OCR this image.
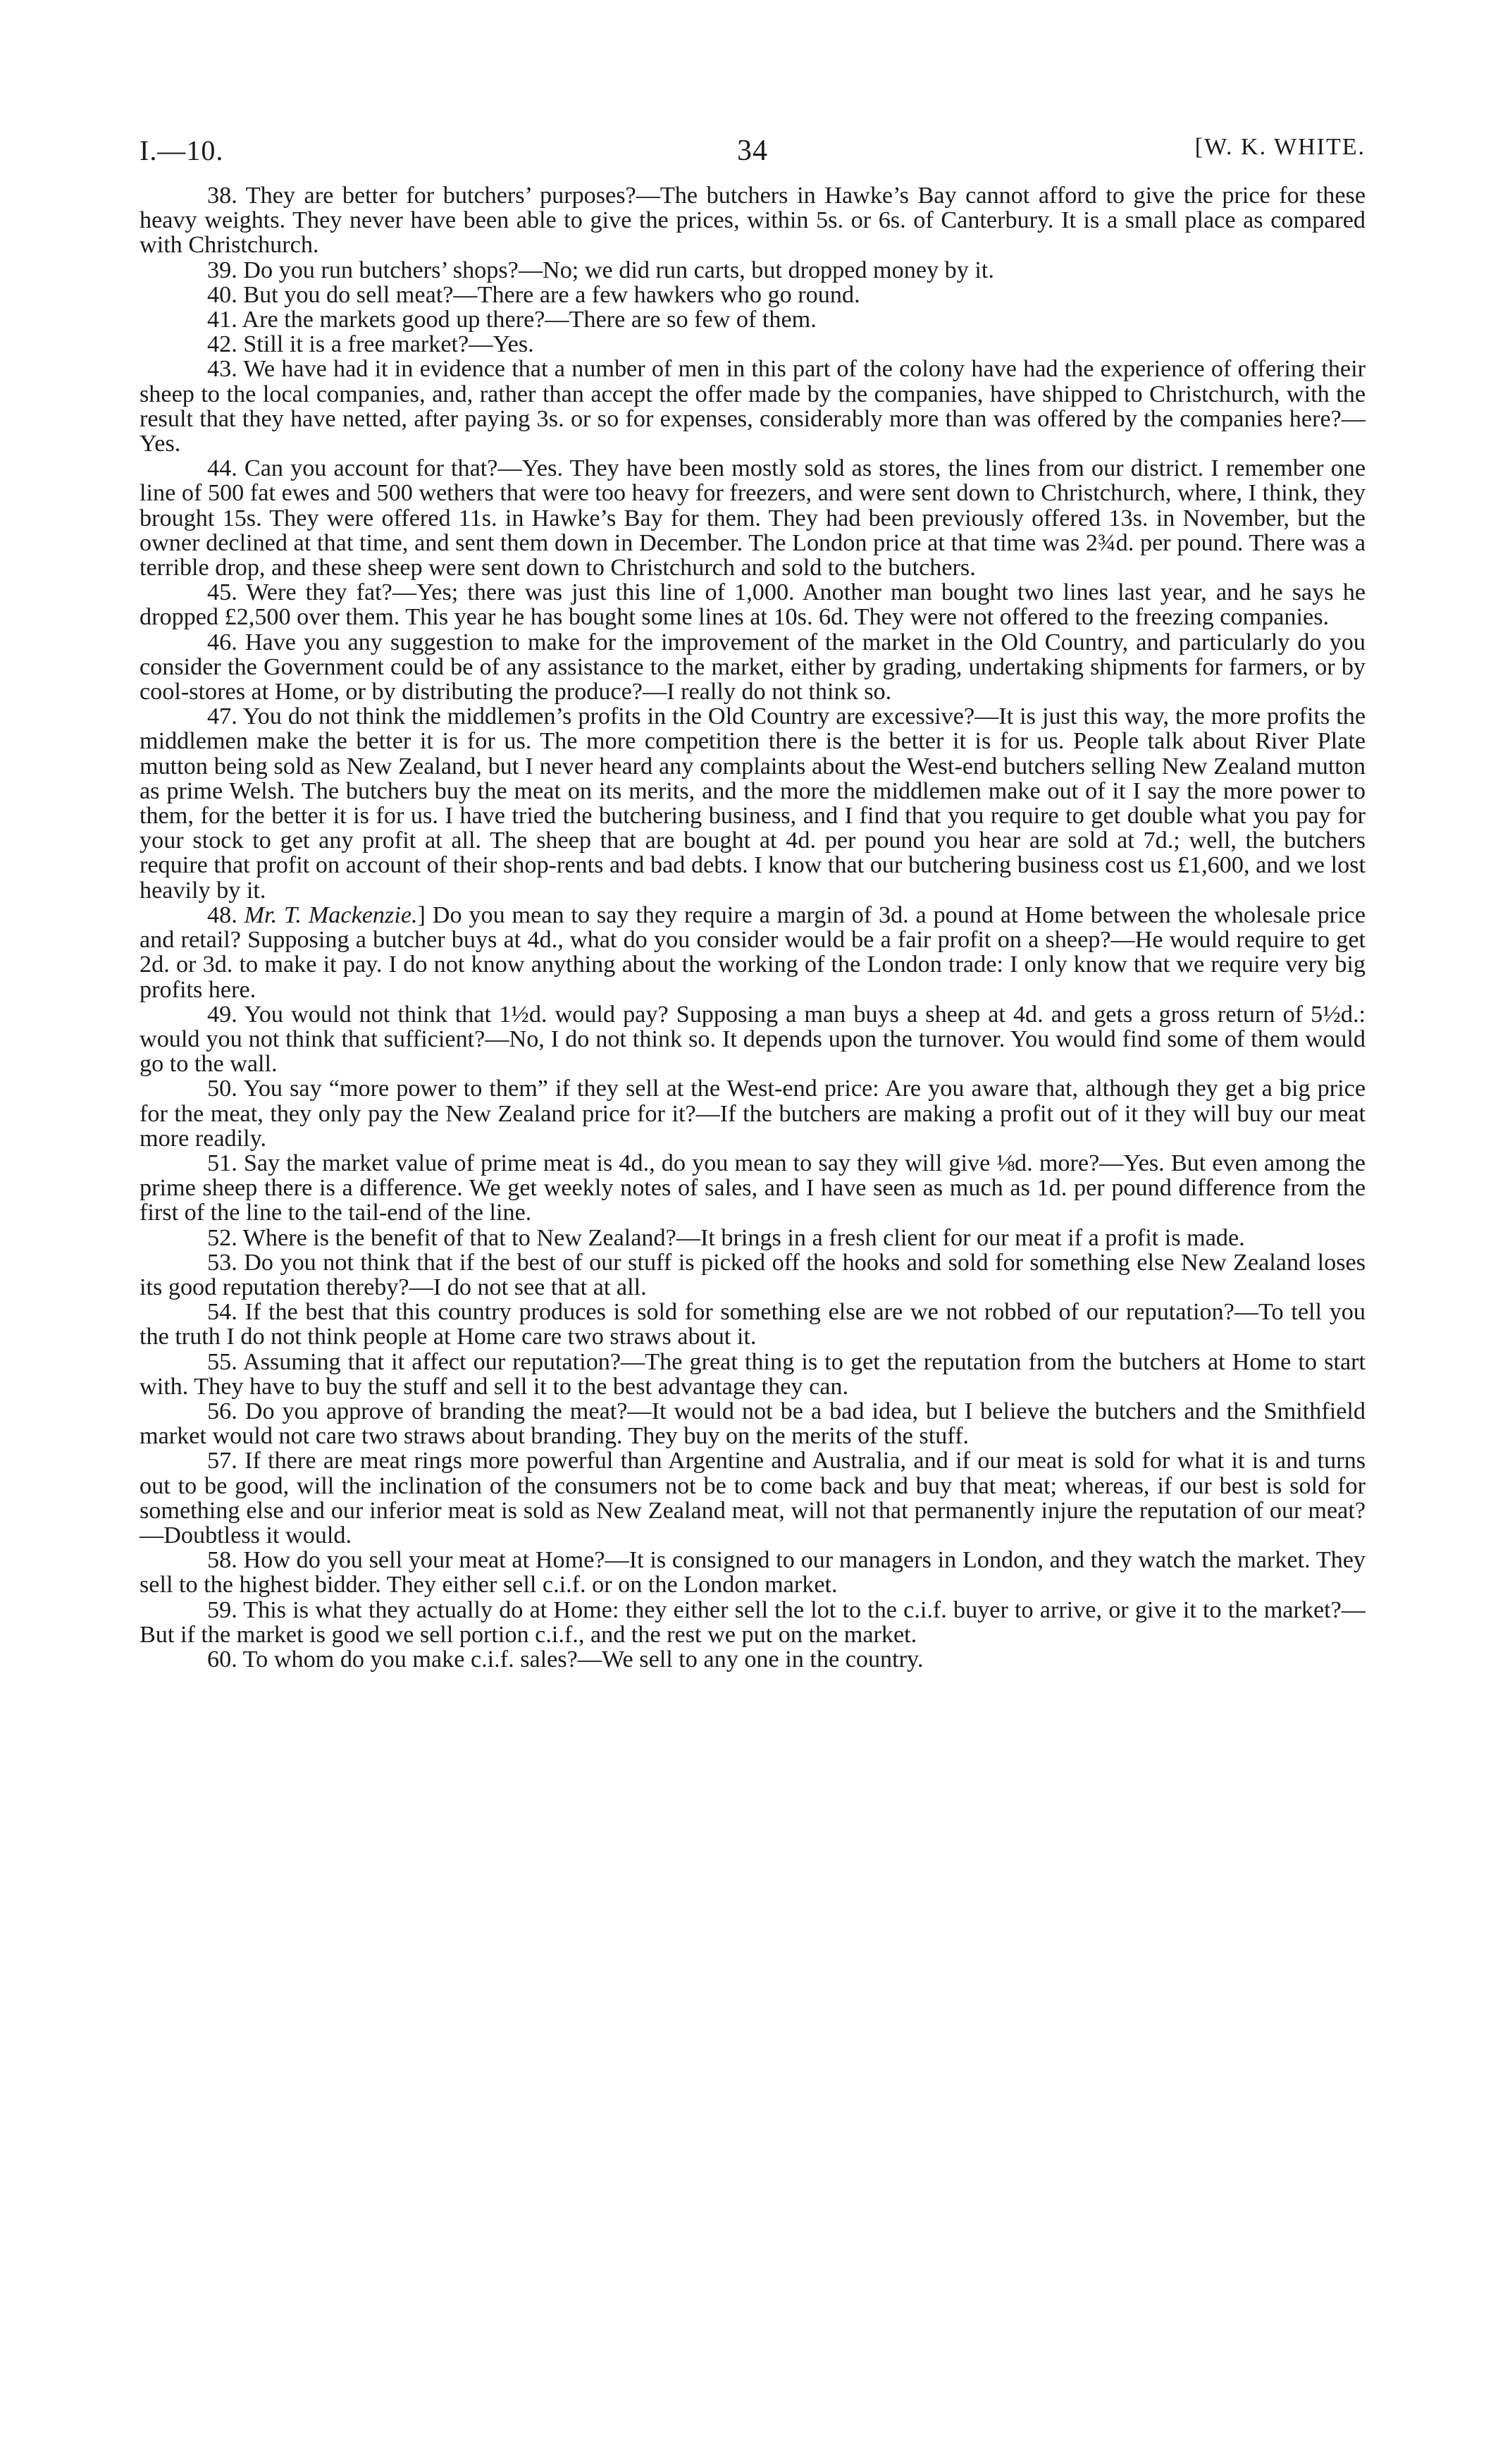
I.—10.	34	[W. K. WHITE.

38. They are better for butchers’ purposes?—The butchers in Hawke’s Bay cannot afford to give the price for these heavy weights. They never have been able to give the prices, within 5s. or 6s. of Canterbury. It is a small place as compared with Christchurch.

39. Do you run butchers’ shops?—No; we did run carts, but dropped money by it.

40. But you do sell meat?—There are a few hawkers who go round.

41. Are the markets good up there?—There are so few of them.

42. Still it is a free market?—Yes.

43. We have had it in evidence that a number of men in this part of the colony have had the experience of offering their sheep to the local companies, and, rather than accept the offer made by the companies, have shipped to Christchurch, with the result that they have netted, after paying 3s. or so for expenses, considerably more than was offered by the companies here?—Yes.

44. Can you account for that?—Yes. They have been mostly sold as stores, the lines from our district. I remember one line of 500 fat ewes and 500 wethers that were too heavy for freezers, and were sent down to Christchurch, where, I think, they brought 15s. They were offered 11s. in Hawke’s Bay for them. They had been previously offered 13s. in November, but the owner declined at that time, and sent them down in December. The London price at that time was 2¾d. per pound. There was a terrible drop, and these sheep were sent down to Christchurch and sold to the butchers.

45. Were they fat?—Yes; there was just this line of 1,000. Another man bought two lines last year, and he says he dropped £2,500 over them. This year he has bought some lines at 10s. 6d. They were not offered to the freezing companies.

46. Have you any suggestion to make for the improvement of the market in the Old Country, and particularly do you consider the Government could be of any assistance to the market, either by grading, undertaking shipments for farmers, or by cool-stores at Home, or by distributing the produce?—I really do not think so.

47. You do not think the middlemen’s profits in the Old Country are excessive?—It is just this way, the more profits the middlemen make the better it is for us. The more competition there is the better it is for us. People talk about River Plate mutton being sold as New Zealand, but I never heard any complaints about the West-end butchers selling New Zealand mutton as prime Welsh. The butchers buy the meat on its merits, and the more the middlemen make out of it I say the more power to them, for the better it is for us. I have tried the butchering business, and I find that you require to get double what you pay for your stock to get any profit at all. The sheep that are bought at 4d. per pound you hear are sold at 7d.; well, the butchers require that profit on account of their shop-rents and bad debts. I know that our butchering business cost us £1,600, and we lost heavily by it.

48. Mr. T. Mackenzie.] Do you mean to say they require a margin of 3d. a pound at Home between the wholesale price and retail? Supposing a butcher buys at 4d., what do you consider would be a fair profit on a sheep?—He would require to get 2d. or 3d. to make it pay. I do not know anything about the working of the London trade: I only know that we require very big profits here.

49. You would not think that 1½d. would pay? Supposing a man buys a sheep at 4d. and gets a gross return of 5½d.: would you not think that sufficient?—No, I do not think so. It depends upon the turnover. You would find some of them would go to the wall.

50. You say “more power to them” if they sell at the West-end price: Are you aware that, although they get a big price for the meat, they only pay the New Zealand price for it?—If the butchers are making a profit out of it they will buy our meat more readily.

51. Say the market value of prime meat is 4d., do you mean to say they will give ⅛d. more?—Yes. But even among the prime sheep there is a difference. We get weekly notes of sales, and I have seen as much as 1d. per pound difference from the first of the line to the tail-end of the line.

52. Where is the benefit of that to New Zealand?—It brings in a fresh client for our meat if a profit is made.

53. Do you not think that if the best of our stuff is picked off the hooks and sold for something else New Zealand loses its good reputation thereby?—I do not see that at all.

54. If the best that this country produces is sold for something else are we not robbed of our reputation?—To tell you the truth I do not think people at Home care two straws about it.

55. Assuming that it affect our reputation?—The great thing is to get the reputation from the butchers at Home to start with. They have to buy the stuff and sell it to the best advantage they can.

56. Do you approve of branding the meat?—It would not be a bad idea, but I believe the butchers and the Smithfield market would not care two straws about branding. They buy on the merits of the stuff.

57. If there are meat rings more powerful than Argentine and Australia, and if our meat is sold for what it is and turns out to be good, will the inclination of the consumers not be to come back and buy that meat; whereas, if our best is sold for something else and our inferior meat is sold as New Zealand meat, will not that permanently injure the reputation of our meat?—Doubtless it would.

58. How do you sell your meat at Home?—It is consigned to our managers in London, and they watch the market. They sell to the highest bidder. They either sell c.i.f. or on the London market.

59. This is what they actually do at Home: they either sell the lot to the c.i.f. buyer to arrive, or give it to the market?—But if the market is good we sell portion c.i.f., and the rest we put on the market.

60. To whom do you make c.i.f. sales?—We sell to any one in the country.
